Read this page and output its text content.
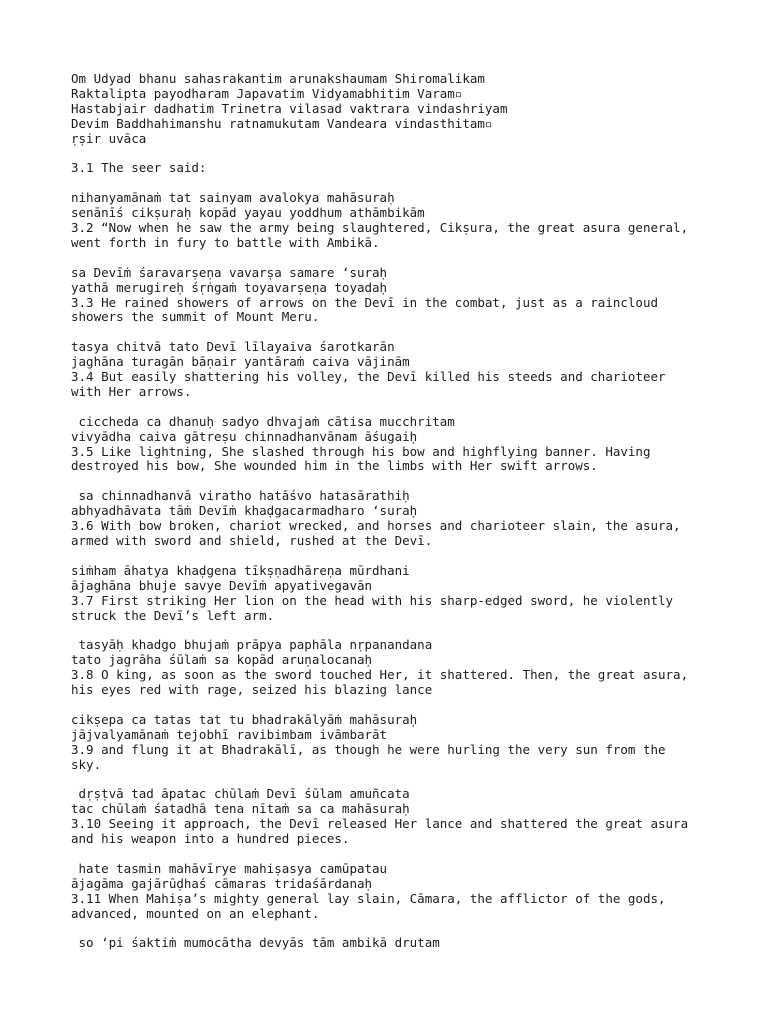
Om Udyad bhanu sahasrakantim arunakshaumam Shiromalikam
Raktalipta payodharam Japavatim Vidyamabhitim Varam▫
Hastabjair dadhatim Trinetra vilasad vaktrara vindashriyam
Devim Baddhahimanshu ratnamukutam Vandeara vindasthitam▫
ṛṣir uvāca
3.1 The seer said:
nihanyamānaṁ tat sainyam avalokya mahāsuraḥ
senānīś cikṣuraḥ kopād yayau yoddhum athāmbikām
3.2 “Now when he saw the army being slaughtered, Cikṣura, the great asura general,
went forth in fury to battle with Ambikā.
sa Devīṁ śaravarṣeṇa vavarṣa samare ‘suraḥ
yathā merugireḥ śṛṅgaṁ toyavarṣeṇa toyadaḥ
3.3 He rained showers of arrows on the Devī in the combat, just as a raincloud
showers the summit of Mount Meru.
tasya chitvā tato Devī līlayaiva śarotkarān
jaghāna turagān bāṇair yantāraṁ caiva vājinām
3.4 But easily shattering his volley, the Devī killed his steeds and charioteer
with Her arrows.
ciccheda ca dhanuḥ sadyo dhvajaṁ cātisa mucchritam
vivyādha caiva gātreṣu chinnadhanvānam āśugaiḥ
3.5 Like lightning, She slashed through his bow and highflying banner. Having
destroyed his bow, She wounded him in the limbs with Her swift arrows.
sa chinnadhanvā viratho hatāśvo hatasārathiḥ
abhyadhāvata tāṁ Devīṁ khaḍgacarmadharo ‘suraḥ
3.6 With bow broken, chariot wrecked, and horses and charioteer slain, the asura,
armed with sword and shield, rushed at the Devī.
siṁham āhatya khaḍgena tīkṣṇadhāreṇa mūrdhani
ājaghāna bhuje savye Devīṁ apyativegavān
3.7 First striking Her lion on the head with his sharp-edged sword, he violently
struck the Devī’s left arm.
tasyāḥ khadgo bhujaṁ prāpya paphāla nṛpanandana
tato jagrāha śūlaṁ sa kopād aruṇalocanaḥ
3.8 O king, as soon as the sword touched Her, it shattered. Then, the great asura,
his eyes red with rage, seized his blazing lance
cikṣepa ca tatas tat tu bhadrakālyāṁ mahāsuraḥ
jājvalyamānaṁ tejobhī ravibimbam ivāmbarāt
3.9 and flung it at Bhadrakālī, as though he were hurling the very sun from the
sky.
dṛṣṭvā tad āpatac chūlaṁ Devī śūlam amuñcata
tac chūlaṁ śatadhā tena nītaṁ sa ca mahāsuraḥ
3.10 Seeing it approach, the Devī released Her lance and shattered the great asura
and his weapon into a hundred pieces.
hate tasmin mahāvīrye mahiṣasya camūpatau
ājagāma gajārūḍhaś cāmaras tridaśārdanaḥ
3.11 When Mahiṣa’s mighty general lay slain, Cāmara, the afflictor of the gods,
advanced, mounted on an elephant.
so ‘pi śaktiṁ mumocātha devyās tām ambikā drutam
